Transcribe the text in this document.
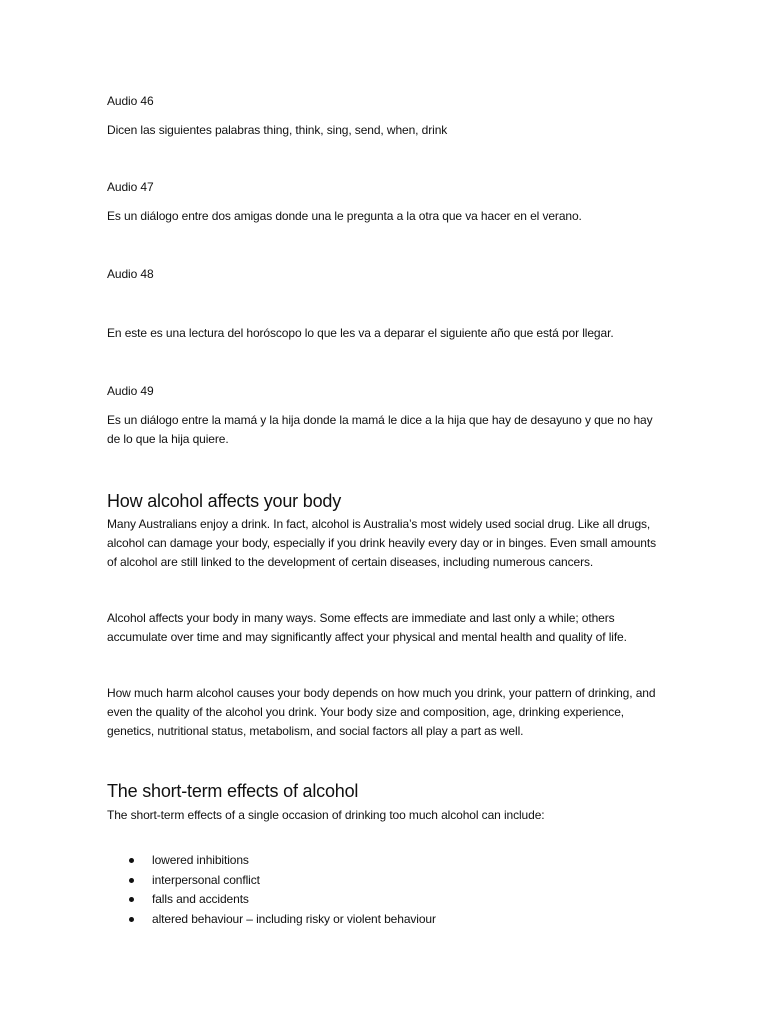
Audio 46
Dicen las siguientes palabras thing, think, sing, send, when, drink
Audio 47
Es un diálogo entre dos amigas donde una le pregunta a la otra que va hacer en el verano.
Audio 48
En este es una lectura del horóscopo lo que les va a deparar el siguiente año que está por llegar.
Audio 49
Es un diálogo entre la mamá y la hija donde la mamá le dice a la hija que hay de desayuno y que no hay de lo que la hija quiere.
How alcohol affects your body
Many Australians enjoy a drink. In fact, alcohol is Australia’s most widely used social drug. Like all drugs, alcohol can damage your body, especially if you drink heavily every day or in binges. Even small amounts of alcohol are still linked to the development of certain diseases, including numerous cancers.
Alcohol affects your body in many ways. Some effects are immediate and last only a while; others accumulate over time and may significantly affect your physical and mental health and quality of life.
How much harm alcohol causes your body depends on how much you drink, your pattern of drinking, and even the quality of the alcohol you drink. Your body size and composition, age, drinking experience, genetics, nutritional status, metabolism, and social factors all play a part as well.
The short-term effects of alcohol
The short-term effects of a single occasion of drinking too much alcohol can include:
lowered inhibitions
interpersonal conflict
falls and accidents
altered behaviour – including risky or violent behaviour
